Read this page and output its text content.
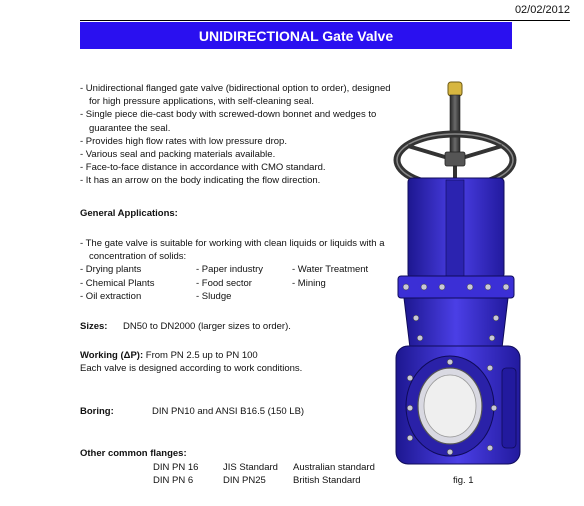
02/02/2012
UNIDIRECTIONAL Gate Valve
- Unidirectional flanged gate valve (bidirectional option to order), designed
for high pressure applications, with self-cleaning seal.
- Single piece die-cast body with screwed-down bonnet and wedges to
guarantee the seal.
- Provides high flow rates with low pressure drop.
- Various seal and packing materials available.
- Face-to-face distance in accordance with CMO standard.
- It has an arrow on the body indicating the flow direction.
General Applications:
- The gate valve is suitable for working with clean liquids or liquids with a
concentration of solids:
- Drying plants	- Paper industry	- Water Treatment
- Chemical Plants	- Food sector	- Mining
- Oil extraction	- Sludge
Sizes: DN50 to DN2000 (larger sizes to order).
Working (ΔP): From PN 2.5 up to PN 100
Each valve is designed according to work conditions.
Boring:	DIN PN10 and ANSI B16.5 (150 LB)
Other common flanges:
DIN PN 16	JIS Standard	Australian standard
DIN PN 6	DIN PN25	British Standard	fig. 1
